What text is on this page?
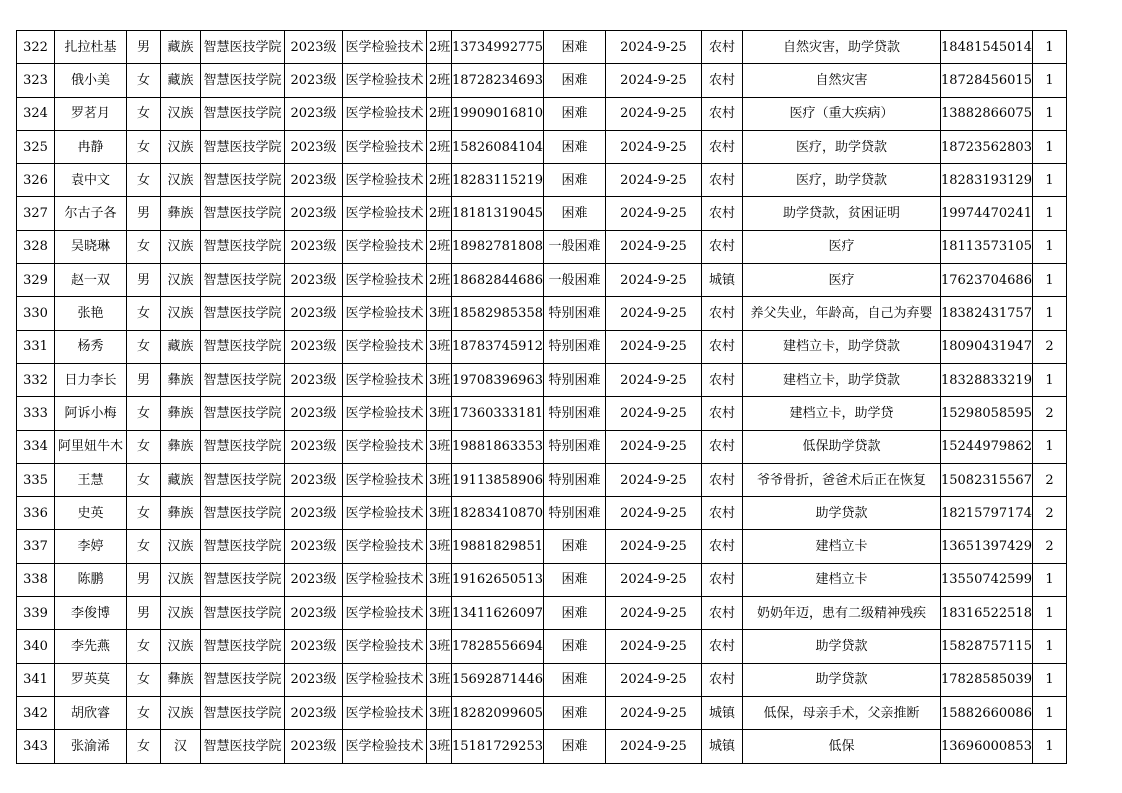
322	扎拉杜基	男	藏族	智慧医技学院	2023级	医学检验技术	2班	13734992775	困难	2024-9-25	农村	自然灾害，助学贷款	18481545014	1
323	俄小美	女	藏族	智慧医技学院	2023级	医学检验技术	2班	18728234693	困难	2024-9-25	农村	自然灾害	18728456015	1
324	罗茗月	女	汉族	智慧医技学院	2023级	医学检验技术	2班	19909016810	困难	2024-9-25	农村	医疗（重大疾病）	13882866075	1
325	冉静	女	汉族	智慧医技学院	2023级	医学检验技术	2班	15826084104	困难	2024-9-25	农村	医疗，助学贷款	18723562803	1
326	袁中文	女	汉族	智慧医技学院	2023级	医学检验技术	2班	18283115219	困难	2024-9-25	农村	医疗，助学贷款	18283193129	1
327	尔古子各	男	彝族	智慧医技学院	2023级	医学检验技术	2班	18181319045	困难	2024-9-25	农村	助学贷款，贫困证明	19974470241	1
328	吴晓琳	女	汉族	智慧医技学院	2023级	医学检验技术	2班	18982781808	一般困难	2024-9-25	农村	医疗	18113573105	1
329	赵一双	男	汉族	智慧医技学院	2023级	医学检验技术	2班	18682844686	一般困难	2024-9-25	城镇	医疗	17623704686	1
330	张艳	女	汉族	智慧医技学院	2023级	医学检验技术	3班	18582985358	特别困难	2024-9-25	农村	养父失业，年龄高，自己为弃婴	18382431757	1
331	杨秀	女	藏族	智慧医技学院	2023级	医学检验技术	3班	18783745912	特别困难	2024-9-25	农村	建档立卡，助学贷款	18090431947	2
332	日力李长	男	彝族	智慧医技学院	2023级	医学检验技术	3班	19708396963	特别困难	2024-9-25	农村	建档立卡，助学贷款	18328833219	1
333	阿诉小梅	女	彝族	智慧医技学院	2023级	医学检验技术	3班	17360333181	特别困难	2024-9-25	农村	建档立卡，助学贷	15298058595	2
334	阿里妞牛木	女	彝族	智慧医技学院	2023级	医学检验技术	3班	19881863353	特别困难	2024-9-25	农村	低保助学贷款	15244979862	1
335	王慧	女	藏族	智慧医技学院	2023级	医学检验技术	3班	19113858906	特别困难	2024-9-25	农村	爷爷骨折，爸爸术后正在恢复	15082315567	2
336	史英	女	彝族	智慧医技学院	2023级	医学检验技术	3班	18283410870	特别困难	2024-9-25	农村	助学贷款	18215797174	2
337	李婷	女	汉族	智慧医技学院	2023级	医学检验技术	3班	19881829851	困难	2024-9-25	农村	建档立卡	13651397429	2
338	陈鹏	男	汉族	智慧医技学院	2023级	医学检验技术	3班	19162650513	困难	2024-9-25	农村	建档立卡	13550742599	1
339	李俊博	男	汉族	智慧医技学院	2023级	医学检验技术	3班	13411626097	困难	2024-9-25	农村	奶奶年迈，患有二级精神残疾	18316522518	1
340	李先燕	女	汉族	智慧医技学院	2023级	医学检验技术	3班	17828556694	困难	2024-9-25	农村	助学贷款	15828757115	1
341	罗英莫	女	彝族	智慧医技学院	2023级	医学检验技术	3班	15692871446	困难	2024-9-25	农村	助学贷款	17828585039	1
342	胡欣睿	女	汉族	智慧医技学院	2023级	医学检验技术	3班	18282099605	困难	2024-9-25	城镇	低保，母亲手术，父亲推断	15882660086	1
343	张渝浠	女	汉	智慧医技学院	2023级	医学检验技术	3班	15181729253	困难	2024-9-25	城镇	低保	13696000853	1
